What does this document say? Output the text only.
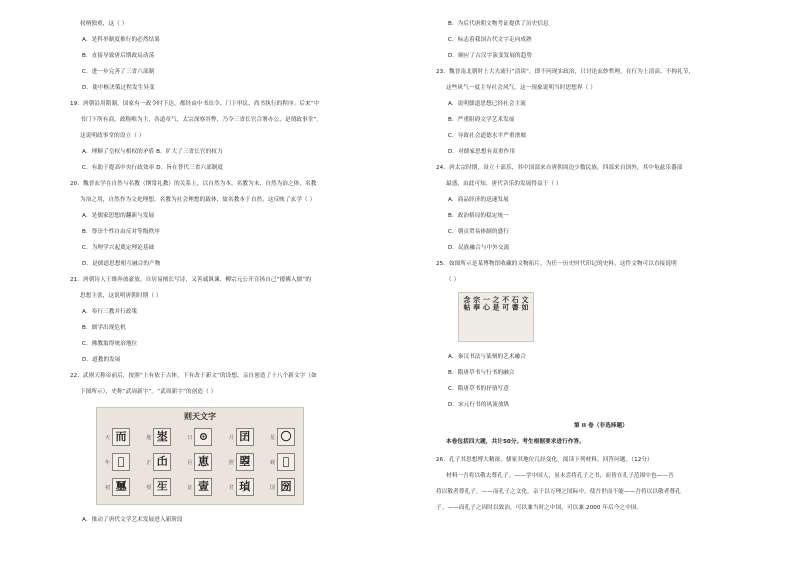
则天文字
天 而	地 埊	日 ⊙	月 囝	星 〇
年 𠡦	正 𠙺	臣 恵	照 曌	载 𡕀
初 𡔈	授 𤯔	证 𡔹	君 𤦹	国 圀
A．推动了唐代文学艺术发展进入新阶段
权柄独重，这（ ）
A．是科举制度推行的必然结果
B．直接导致唐后期政局动荡
C．进一步完善了三省六部制
D．使中枢决策过程发生异变
19．唐朝沿用隋制，国家有一政令时下达，都经由中书出令、门下审议、尚书执行的程序。后来“中
书门下所有商，政称唯为主，各道章气，太宗深察其弊，乃令三省长官合署办公，是谓政事堂”。
这说明政事堂的设立（ ）
A．理顺了皇权与相权的矛盾 B．扩大了三省长官的权力
C．有助于提高中央行政效率 D．旨在替代三省六部制度
20．魏晋玄学在自然与名教（纲常礼教）的关系上，以自然为本，名教为末，自然为治之体，名教
为治之用，自然作为文化理想，名教为社会理想的载体，故名教本于自然，这反映了玄学（ ）
A．是儒家思想的翻新与发展
B．尊崇个性自由反对等级秩序
C．为理学兴起奠定理论基础
D．是儒道思想相互融合的产物
21．唐朝诗人王维奔放豪放，自居易擅长写诗，又善诚讽谏，柳宗元公开宣扬自己“援佛入儒”的
思想主张，这说明唐朝时期（ ）
A．奉行三教并行政策
B．儒学出现危机
C．佛教取得统治地位
D．道教的发展
22．武则天称帝前后，按照“上有依于古体，下有改于新文”的设想，亲自创造了十八个新文字（如
下图所示），史称“武周新字”。“武周新字”的创造（ ）
念帖 宗奉 一心 之是 不可 石書 文如
B．为后代唐朝文物考证提供了历史信息
C．标志着我国古代文字走向成熟
D．顺应了古汉字演变发展的趋势
23．魏晋南北朝时士大夫流行“清谈”，即不问现实政治，只讨论玄妙哲理，在行为上清高、不拘礼节，
这些风气一度主导社会风气。这一现象说明当时思想界（ ）
A．说明儒道思想已经社会主流
B．严重阻碍文学艺术发展
C．导致社会道德水平严重滑坡
D．对儒家思想有双重作用
24．唐太宗时期，设立十部乐，其中国部来自唐朝周边少数民族，四部来自国外，其中龟兹乐器部
最盛，由此可知，唐代音乐的发展得益于（ ）
A．商品经济的迅速发展
B．政治格局的稳定统一
C．朝贡贸易体制的盛行
D．民族融合与中外交流
25．如图所示是某博物馆收藏的文物拓片，为任一历史时代印记的史料，这件文物可以直接说明
（ ）
A．秦汉书法与篆刻的艺术融合
B．隋唐草书与行书的融合
C．隋唐草书的抒情写意
D．宋元行书的风流放纵
第 II 卷（非选择题）
本卷包括四大题，共计50分。考生根据要求进行作答。
26．孔子其思想博大精深，儒家其地位几经变化。阅读下列材料，回答问题。（12分）
材料一吾将以敬去尊孔子。——学中国人，虽未尝将孔子之书，而皆在孔子范围中也——吾
将以敬者尊孔子。——而孔子之文化，亲于以万理之国际中，使吾世而不能——吾将以以敬者尊孔
子。——而孔子之因时以致治，可以兼当时之中国，可以兼 2000 年后今之中国。
